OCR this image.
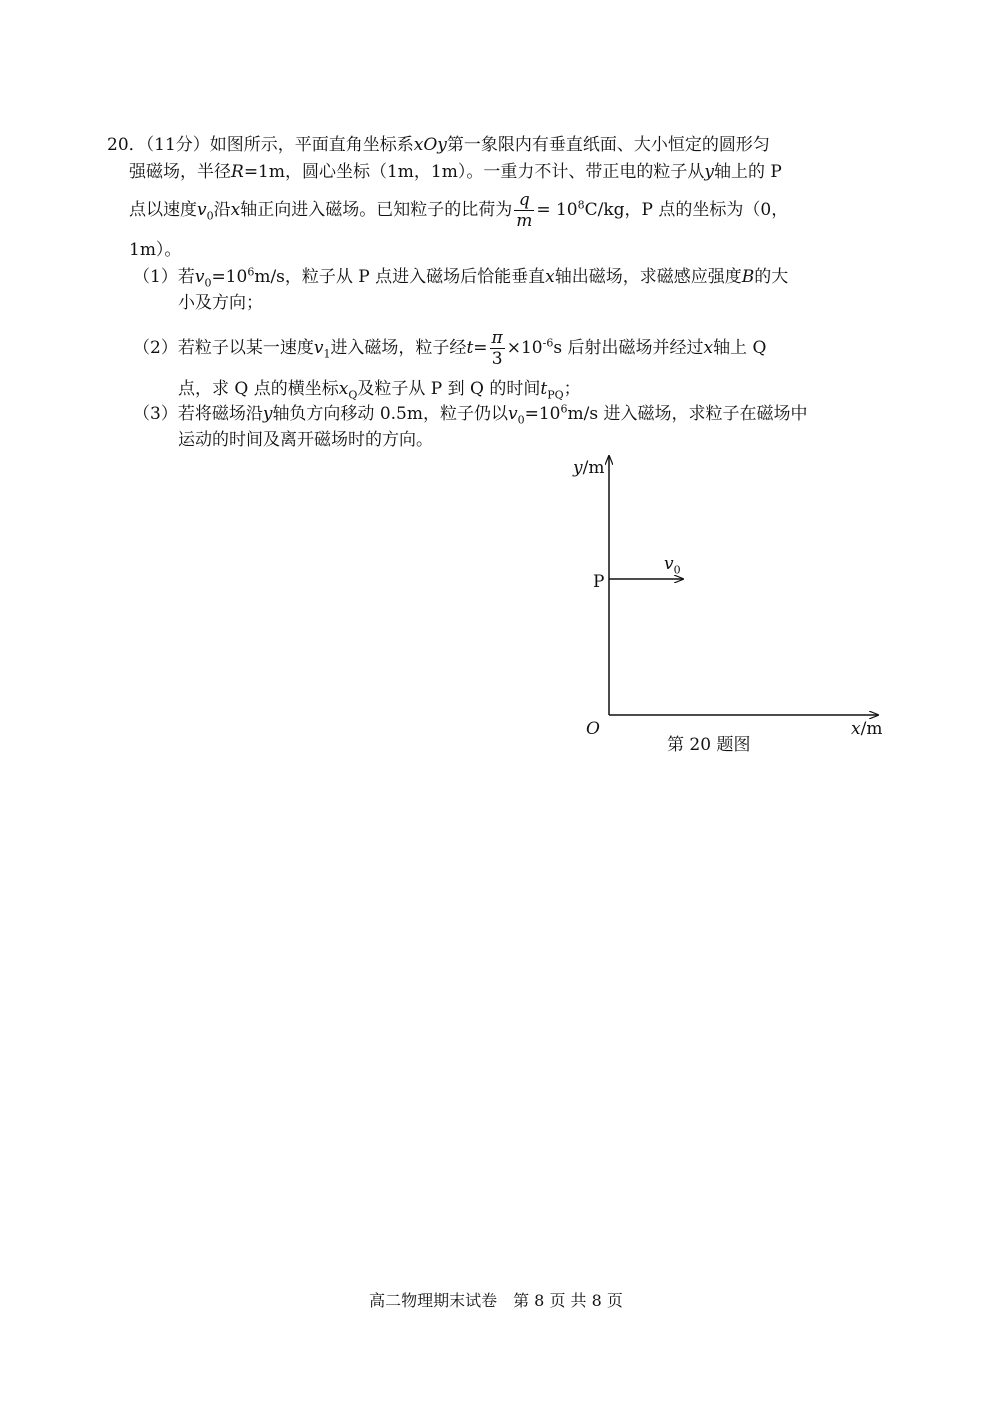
20．（11分）如图所示，平面直角坐标系xOy第一象限内有垂直纸面、大小恒定的圆形匀
强磁场，半径R=1m，圆心坐标（1m，1m）。一重力不计、带正电的粒子从y轴上的 P
点以速度$v_0$沿x轴正向进入磁场。已知粒子的比荷为 $\frac{q}{m} = 10^8C/kg$，P 点的坐标为（0，
1m）。
（1）若$v_0=10^6m/s$，粒子从 P 点进入磁场后恰能垂直x轴出磁场，求磁感应强度B的大
小及方向；
（2）若粒子以某一速度$v_1$进入磁场，粒子经$t= \frac{\pi}{3} \times 10^{-6}s$ 后射出磁场并经过x轴上 Q
点，求 Q 点的横坐标$x_Q$及粒子从 P 到 Q 的时间$t_{PQ}$；
（3）若将磁场沿y轴负方向移动 0.5m，粒子仍以$v_0=10^6m/s$ 进入磁场，求粒子在磁场中
运动的时间及离开磁场时的方向。
y/m
P
$v_0$
O	x/m
第 20 题图
高二物理期末试卷　第 8 页 共 8 页
